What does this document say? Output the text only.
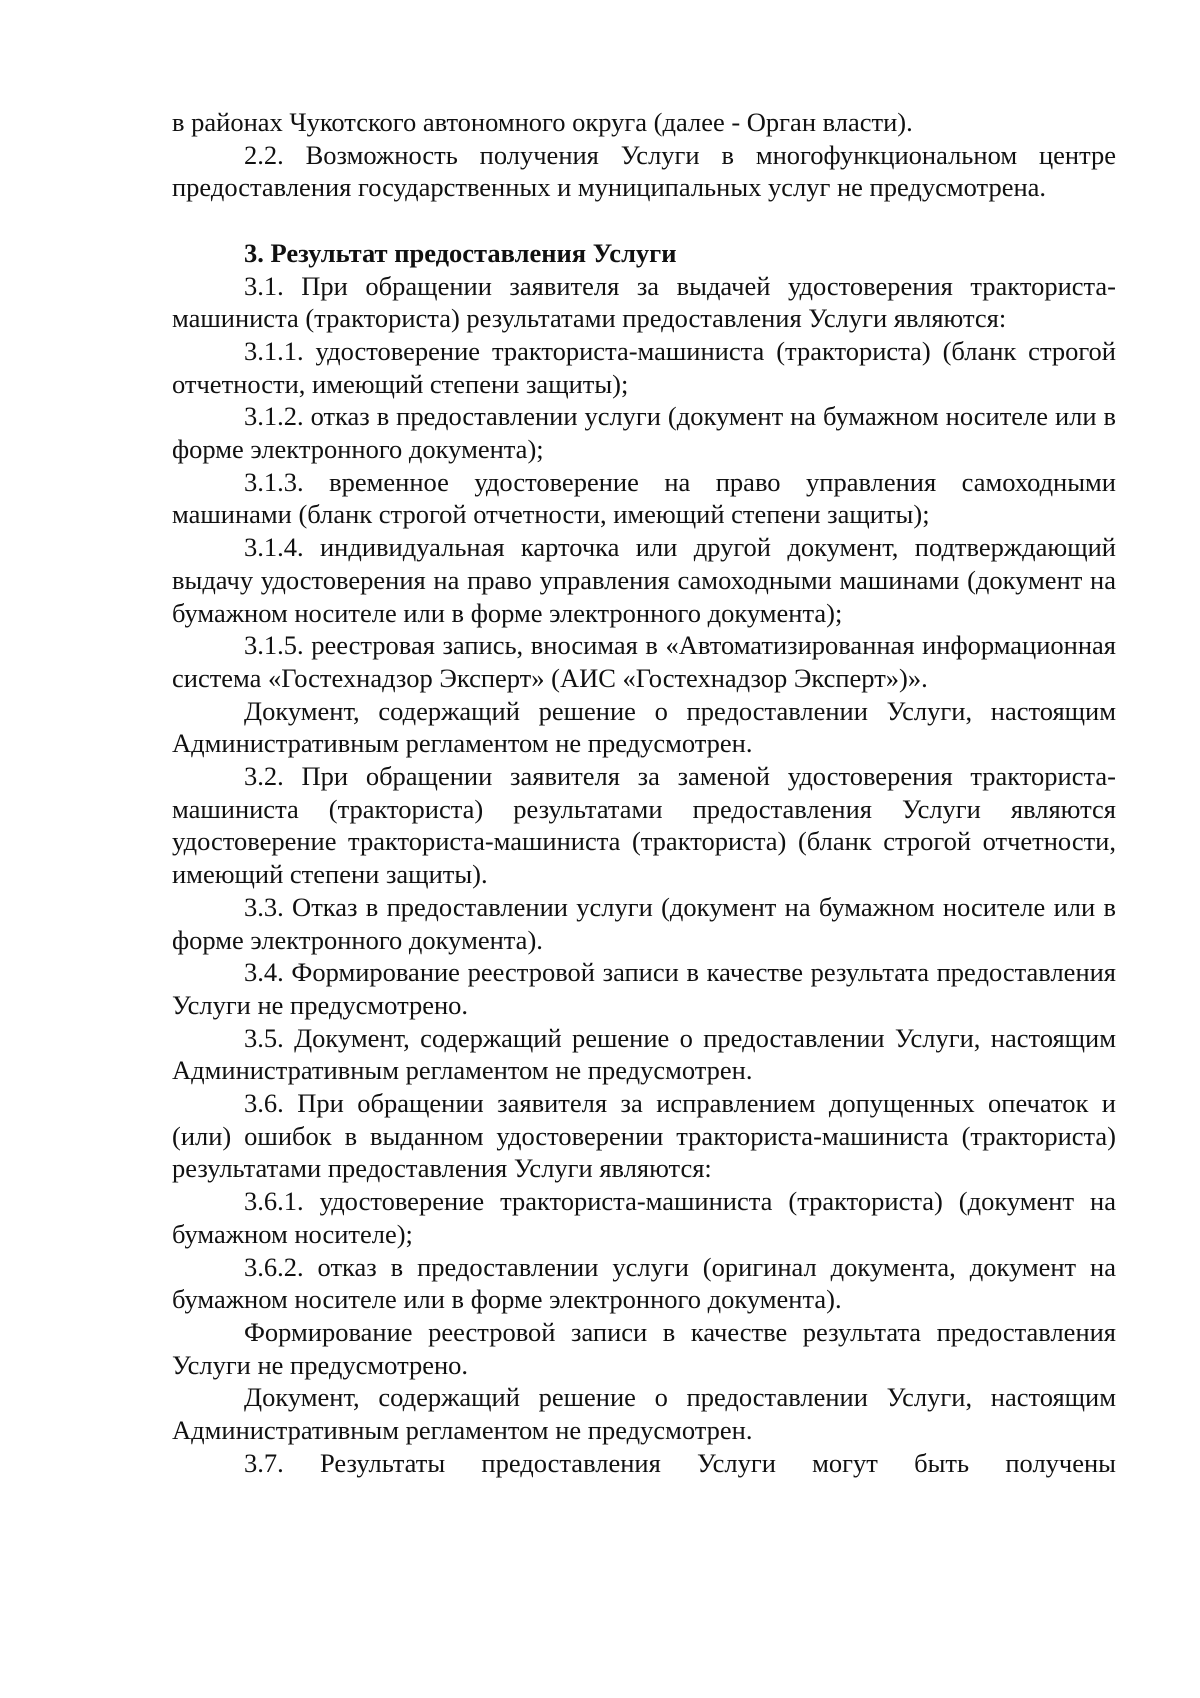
в районах Чукотского автономного округа (далее - Орган власти).

2.2. Возможность получения Услуги в многофункциональном центре предоставления государственных и муниципальных услуг не предусмотрена.

3. Результат предоставления Услуги

3.1. При обращении заявителя за выдачей удостоверения тракториста-машиниста (тракториста) результатами предоставления Услуги являются:

3.1.1. удостоверение тракториста-машиниста (тракториста) (бланк строгой отчетности, имеющий степени защиты);

3.1.2. отказ в предоставлении услуги (документ на бумажном носителе или в форме электронного документа);

3.1.3. временное удостоверение на право управления самоходными машинами (бланк строгой отчетности, имеющий степени защиты);

3.1.4. индивидуальная карточка или другой документ, подтверждающий выдачу удостоверения на право управления самоходными машинами (документ на бумажном носителе или в форме электронного документа);

3.1.5. реестровая запись, вносимая в «Автоматизированная информационная система «Гостехнадзор Эксперт» (АИС «Гостехнадзор Эксперт»)».

Документ, содержащий решение о предоставлении Услуги, настоящим Административным регламентом не предусмотрен.

3.2. При обращении заявителя за заменой удостоверения тракториста-машиниста (тракториста) результатами предоставления Услуги являются удостоверение тракториста-машиниста (тракториста) (бланк строгой отчетности, имеющий степени защиты).

3.3. Отказ в предоставлении услуги (документ на бумажном носителе или в форме электронного документа).

3.4. Формирование реестровой записи в качестве результата предоставления Услуги не предусмотрено.

3.5. Документ, содержащий решение о предоставлении Услуги, настоящим Административным регламентом не предусмотрен.

3.6. При обращении заявителя за исправлением допущенных опечаток и (или) ошибок в выданном удостоверении тракториста-машиниста (тракториста) результатами предоставления Услуги являются:

3.6.1. удостоверение тракториста-машиниста (тракториста) (документ на бумажном носителе);

3.6.2. отказ в предоставлении услуги (оригинал документа, документ на бумажном носителе или в форме электронного документа).

Формирование реестровой записи в качестве результата предоставления Услуги не предусмотрено.

Документ, содержащий решение о предоставлении Услуги, настоящим Административным регламентом не предусмотрен.

3.7. Результаты предоставления Услуги могут быть получены
